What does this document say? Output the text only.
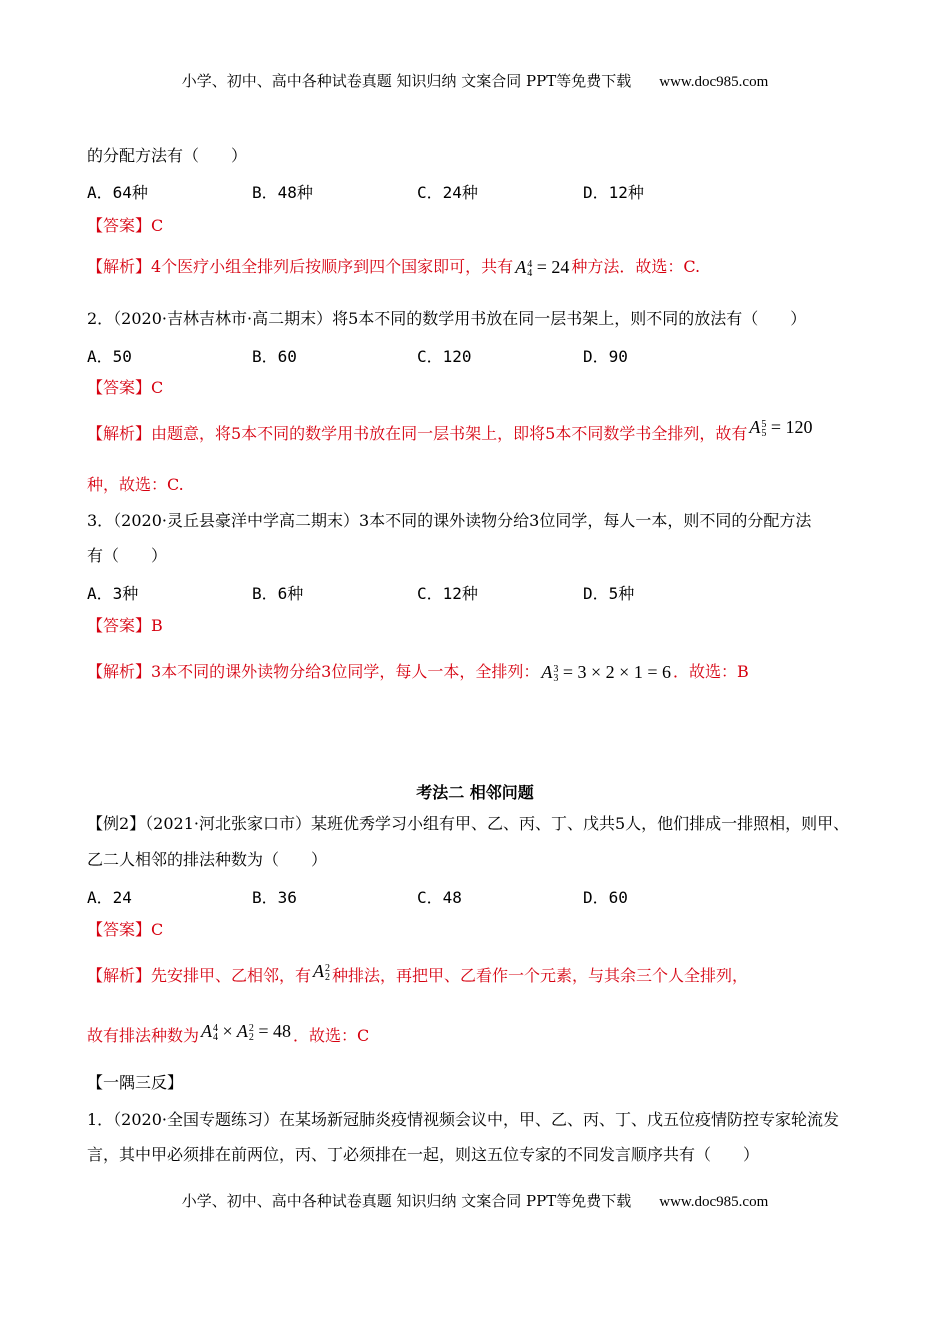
小学、初中、高中各种试卷真题 知识归纳 文案合同 PPT等免费下载 www.doc985.com
的分配方法有（　　）
A．64种	B．48种	C．24种	D．12种
【答案】C
【解析】4个医疗小组全排列后按顺序到四个国家即可，共有 A 4
4 = 24 种方法．故选：C.
2．（2020·吉林吉林市·高二期末）将5本不同的数学用书放在同一层书架上，则不同的放法有（　　）
A．50	B．60	C．120	D．90
【答案】C
【解析】由题意，将5本不同的数学用书放在同一层书架上，即将5本不同数学书全排列，故有 A 5
5 = 120
种，故选：C.
3．（2020·灵丘县豪洋中学高二期末）3本不同的课外读物分给3位同学，每人一本，则不同的分配方法
有（　　）
A．3种	B．6种	C．12种	D．5种
【答案】B
【解析】3本不同的课外读物分给3位同学，每人一本，全排列： A 3
3 = 3 × 2 × 1 = 6 ．故选：B
考法二 相邻问题
【例2】（2021·河北张家口市）某班优秀学习小组有甲、乙、丙、丁、戊共5人，他们排成一排照相，则甲、
乙二人相邻的排法种数为（　　）
A．24	B．36	C．48	D．60
【答案】C
【解析】先安排甲、乙相邻，有 A 2
2 种排法，再把甲、乙看作一个元素，与其余三个人全排列，
故有排法种数为 A 4
4 × A 2
2 = 48 ．故选：C
【一隅三反】
1．（2020·全国专题练习）在某场新冠肺炎疫情视频会议中，甲、乙、丙、丁、戊五位疫情防控专家轮流发
言，其中甲必须排在前两位，丙、丁必须排在一起，则这五位专家的不同发言顺序共有（　　）
小学、初中、高中各种试卷真题 知识归纳 文案合同 PPT等免费下载 www.doc985.com
